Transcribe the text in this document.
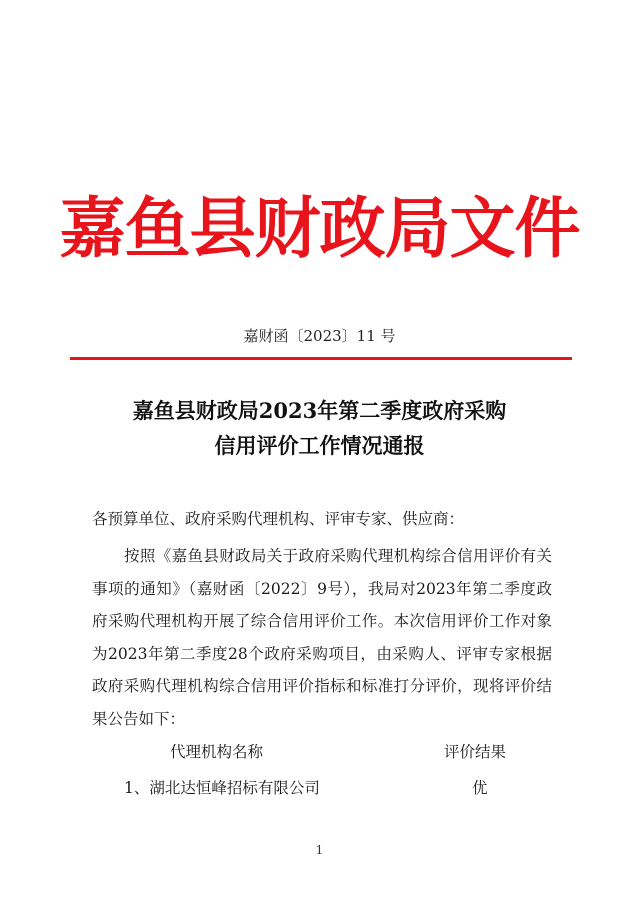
嘉鱼县财政局文件
嘉财函〔2023〕11 号
嘉鱼县财政局2023年第二季度政府采购
信用评价工作情况通报
各预算单位、政府采购代理机构、评审专家、供应商：
按照《嘉鱼县财政局关于政府采购代理机构综合信用评价有关事项的通知》（嘉财函〔2022〕9号），我局对2023年第二季度政府采购代理机构开展了综合信用评价工作。本次信用评价工作对象为2023年第二季度28个政府采购项目，由采购人、评审专家根据政府采购代理机构综合信用评价指标和标准打分评价，现将评价结果公告如下：
代理机构名称	评价结果
1、湖北达恒峰招标有限公司	优
1
